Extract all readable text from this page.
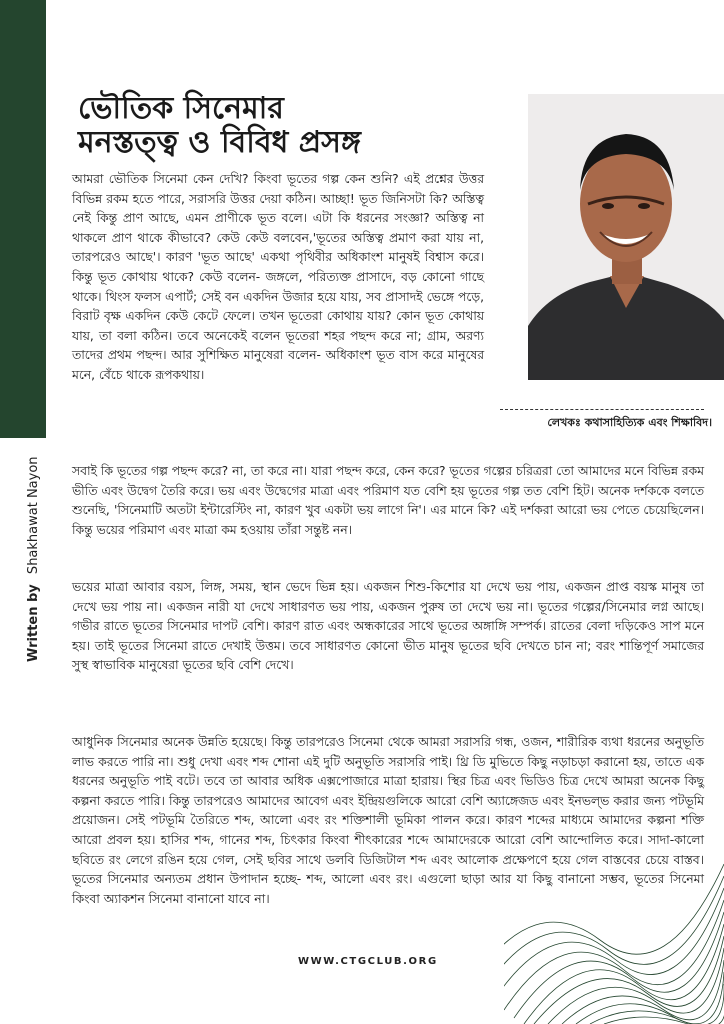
Written by Shakhawat Nayon
ভৌতিক সিনেমার
মনস্তত্ত্ব ও বিবিধ প্রসঙ্গ
লেখকঃ কথাসাহিত্যিক এবং শিক্ষাবিদ।

আমরা ভৌতিক সিনেমা কেন দেখি? কিংবা ভূতের গল্প কেন শুনি? এই প্রশ্নের উত্তর বিভিন্ন রকম হতে পারে, সরাসরি উত্তর দেয়া কঠিন। আচ্ছা! ভূত জিনিসটা কি? অস্তিত্ব নেই কিন্তু প্রাণ আছে, এমন প্রাণীকে ভূত বলে। এটা কি ধরনের সংজ্ঞা? অস্তিত্ব না থাকলে প্রাণ থাকে কীভাবে? কেউ কেউ বলবেন,'ভূতের অস্তিত্ব প্রমাণ করা যায় না, তারপরেও আছে'। কারণ 'ভূত আছে' একথা পৃথিবীর অধিকাংশ মানুষই বিশ্বাস করে। কিন্তু ভূত কোথায় থাকে? কেউ বলেন- জঙ্গলে, পরিত্যক্ত প্রাসাদে, বড় কোনো গাছে থাকে। থিংস ফলস এপার্ট; সেই বন একদিন উজার হয়ে যায়, সব প্রাসাদই ভেঙ্গে পড়ে, বিরাট বৃক্ষ একদিন কেউ কেটে ফেলে। তখন ভূতেরা কোথায় যায়? কোন ভূত কোথায় যায়, তা বলা কঠিন। তবে অনেকেই বলেন ভূতেরা শহর পছন্দ করে না; গ্রাম, অরণ্য তাদের প্রথম পছন্দ। আর সুশিক্ষিত মানুষেরা বলেন- অধিকাংশ ভূত বাস করে মানুষের মনে, বেঁচে থাকে রূপকথায়।

সবাই কি ভূতের গল্প পছন্দ করে? না, তা করে না। যারা পছন্দ করে, কেন করে? ভূতের গল্পের চরিত্ররা তো আমাদের মনে বিভিন্ন রকম ভীতি এবং উদ্বেগ তৈরি করে। ভয় এবং উদ্বেগের মাত্রা এবং পরিমাণ যত বেশি হয় ভূতের গল্প তত বেশি হিট। অনেক দর্শককে বলতে শুনেছি, 'সিনেমাটি অতটা ইন্টারেস্টিং না, কারণ খুব একটা ভয় লাগে নি'। এর মানে কি? এই দর্শকরা আরো ভয় পেতে চেয়েছিলেন। কিন্তু ভয়ের পরিমাণ এবং মাত্রা কম হওয়ায় তাঁরা সন্তুষ্ট নন।

ভয়ের মাত্রা আবার বয়স, লিঙ্গ, সময়, স্থান ভেদে ভিন্ন হয়। একজন শিশু-কিশোর যা দেখে ভয় পায়, একজন প্রাপ্ত বয়স্ক মানুষ তা দেখে ভয় পায় না। একজন নারী যা দেখে সাধারণত ভয় পায়, একজন পুরুষ তা দেখে ভয় না। ভূতের গল্পের/সিনেমার লগ্ন আছে। গভীর রাতে ভূতের সিনেমার দাপট বেশি। কারণ রাত এবং অন্ধকারের সাথে ভূতের অঙ্গাঙ্গি সম্পর্ক। রাতের বেলা দড়িকেও সাপ মনে হয়। তাই ভূতের সিনেমা রাতে দেখাই উত্তম। তবে সাধারণত কোনো ভীত মানুষ ভূতের ছবি দেখতে চান না; বরং শান্তিপূর্ণ সমাজের সুস্থ স্বাভাবিক মানুষেরা ভূতের ছবি বেশি দেখে।

আধুনিক সিনেমার অনেক উন্নতি হয়েছে। কিন্তু তারপরেও সিনেমা থেকে আমরা সরাসরি গন্ধ, ওজন, শারীরিক ব্যথা ধরনের অনুভূতি লাভ করতে পারি না। শুধু দেখা এবং শব্দ শোনা এই দুটি অনুভূতি সরাসরি পাই। থ্রি ডি মুভিতে কিছু নড়াচড়া করানো হয়, তাতে এক ধরনের অনুভূতি পাই বটে। তবে তা আবার অধিক এক্সপোজারে মাত্রা হারায়। স্থির চিত্র এবং ভিডিও চিত্র দেখে আমরা অনেক কিছু কল্পনা করতে পারি। কিন্তু তারপরেও আমাদের আবেগ এবং ইন্দ্রিয়গুলিকে আরো বেশি অ্যাঙ্গেজড এবং ইনভল্ভ করার জন্য পটভূমি প্রয়োজন। সেই পটভূমি তৈরিতে শব্দ, আলো এবং রং শক্তিশালী ভূমিকা পালন করে। কারণ শব্দের মাধ্যমে আমাদের কল্পনা শক্তি আরো প্রবল হয়। হাসির শব্দ, গানের শব্দ, চিৎকার কিংবা শীৎকারের শব্দে আমাদেরকে আরো বেশি আন্দোলিত করে। সাদা-কালো ছবিতে রং লেগে রঙিন হয়ে গেল, সেই ছবির সাথে ডলবি ডিজিটাল শব্দ এবং আলোক প্রক্ষেপণে হয়ে গেল বাস্তবের চেয়ে বাস্তব। ভূতের সিনেমার অন্যতম প্রধান উপাদান হচ্ছে- শব্দ, আলো এবং রং। এগুলো ছাড়া আর যা কিছু বানানো সম্ভব, ভূতের সিনেমা কিংবা অ্যাকশন সিনেমা বানানো যাবে না।

WWW.CTGCLUB.ORG
